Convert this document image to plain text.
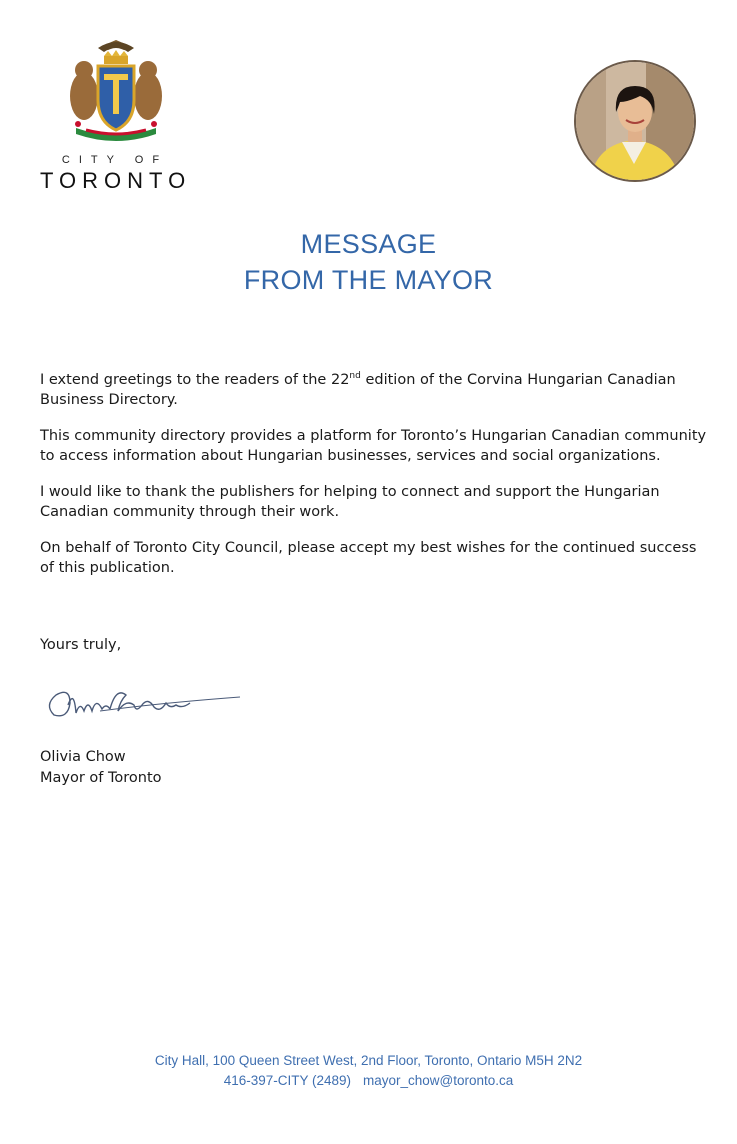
CITY OF
TORONTO
MESSAGE
FROM THE MAYOR

I extend greetings to the readers of the 22nd edition of the Corvina Hungarian Canadian Business Directory.

This community directory provides a platform for Toronto’s Hungarian Canadian community to access information about Hungarian businesses, services and social organizations.

I would like to thank the publishers for helping to connect and support the Hungarian Canadian community through their work.

On behalf of Toronto City Council, please accept my best wishes for the continued success of this publication.

Yours truly,
Olivia Chow
Mayor of Toronto
City Hall, 100 Queen Street West, 2nd Floor, Toronto, Ontario M5H 2N2
416-397-CITY (2489) mayor_chow@toronto.ca
